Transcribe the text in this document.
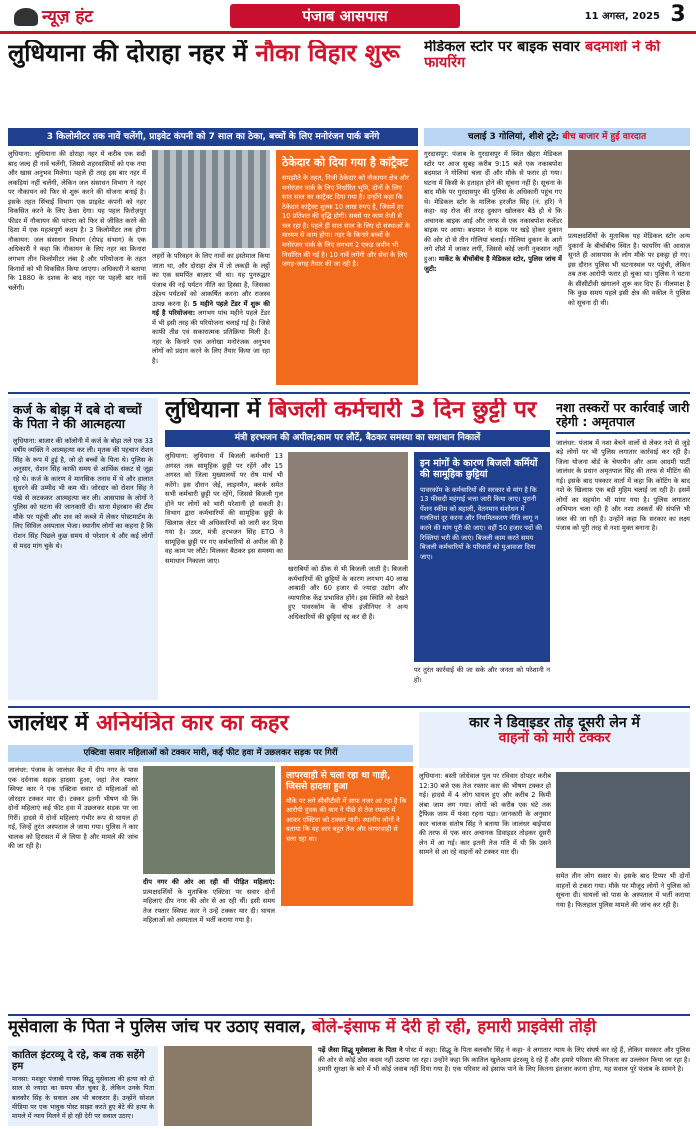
न्यूज़ हंट	पंजाब आसपास	11 अगस्त, 2025 3
लुधियाना की दोराहा नहर में नौका विहार शुरू
3 किलोमीटर तक नावें चलेंगी, प्राइवेट कंपनी को 7 साल का ठेका, बच्चों के लिए मनोरंजन पार्क बनेंगे
लुधियाना: लुधियाना की दोराहा नहर में करीब एक सदी बाद जल्द ही नावें चलेंगी, जिससे शहरवासियों को एक नया और खास अनुभव मिलेगा। पहले ही तरह इस बार नहर में लकड़ियां नहीं चलेंगी, लेकिन जल संसाधन विभाग ने नहर पर नौकायन को फिर से शुरू करने की योजना बनाई है। इसके तहत सिंचाई विभाग एक प्राइवेट कंपनी को नहर विकसित करने के लिए ठेका देगा। यह पहल फ़िरोज़पुर फीडर में नौकायन की परंपरा को फिर से जीवित करने की दिशा में एक महत्वपूर्ण कदम है। 3 किलोमीटर तक होगा नौकायन: जल संसाधन विभाग (रोपड़ संभाग) के एक अधिकारी ने कहा कि नौकायन के लिए नहर का किनारा लगभग तीन किलोमीटर लंबा है और परियोजना के तहत किनारों को भी विकसित किया जाएगा। अधिकारी ने बताया कि 1880 के दशक के बाद नहर पर पहली बार नावें चलेंगी।
लहरों के परिवहन के लिए नावों का इस्तेमाल किया जाता था, और दोराहा क्षेत्र में तो लकड़ी के लट्ठों का एक समर्पित बाज़ार भी था। यह पुनरुद्धार पंजाब की नई पर्यटन नीति का हिस्सा है, जिसका उद्देश्य पर्यटकों को आकर्षित करना और राजस्व उत्पन्न करना है। 5 महीने पहले टेंडर में शुरू की गई है परियोजना: लगभग पांच महीने पहले टेंडर में भी इसी तरह की परियोजना चलाई गई है। जिसे काफी तीव्र एवं सकारात्मक प्रतिक्रिया मिली है। नहर के किनारे एक अनोखा मनोरंजक अनुभव लोगों को प्रदान करने के लिए तैयार किया जा रहा है।
ठेकेदार को दिया गया है कांट्रैक्ट
समझौते के तहत, निजी ठेकेदार को नौकायन क्षेत्र और मनोरंजन पार्क के लिए निर्धारित भूमि, दोनों के लिए सात साल का कांट्रैक्ट दिया गया है। उन्होंने कहा कि ठेकेदार कांट्रैक्ट शुल्क 10 लाख रुपए है, जिसमें हर 10 प्रतिशत की वृद्धि होगी। सबसे पर काम तेजी से चल रहा है। पहले ही सात साल के लिए दो संस्थाओं के माध्यम से काम होगा। नहर के किनारे बच्चों के मनोरंजन पार्क के लिए लगभग 2 एकड़ जमीन भी निर्धारित की गई है। 10 नावें लगेंगी और सेवा के लिए जगह-जगह तैयार की जा रही है।
मेडिकल स्टोर पर बाइक सवार बदमाशों ने की फायरिंग
चलाई 3 गोलियां, शीशे टूटे; बीच बाजार में हुई वारदात
गुरदासपुर: पंजाब के गुरदासपुर में स्थित खैहरा मेडिकल स्टोर पर आज सुबह करीब 9:15 बजे एक नकाबपोश बदमाश ने गोलियां चला दीं और मौके से फरार हो गया। घटना में किसी के हताहत होने की सूचना नहीं है। सूचना के बाद मौके पर गुरदासपुर की पुलिस के अधिकारी पहुंच गए थे। मेडिकल स्टोर के मालिक हरजीत सिंह (नं. हरि) ने कहा- वह रोज की तरह दुकान खोलकर बैठे हो थे कि अचानक बाइक आई और तरफ से एक नकाबपोश स्प्लेंडर बाइक पर आया। बदमाश ने सड़क पर खड़े होकर दुकान की ओर दो से तीन गोलियां चलाईं। गोलियां दुकान के आगे लगे शीशे में जाकर लगीं, जिससे कोई जानी नुकसान नहीं हुआ। मार्केट के बीचोंबीच है मेडिकल स्टोर, पुलिस जांच में जुटी:
प्रत्यक्षदर्शियों के मुताबिक यह मेडिकल स्टोर अन्य दुकानों के बीचोंबीच स्थित है। फायरिंग की आवाज सुनते ही आसपास के लोग मौके पर इकट्ठा हो गए। इस दौरान पुलिस भी घटनास्थल पर पहुंची, लेकिन तब तक आरोपी फरार हो चुका था। पुलिस ने घटना के सीसीटीवी खंगालने शुरू कर दिए हैं। नीलमाक्ष है कि कुछ समय पहले इसी क्षेत्र की वकील ने पुलिस को सूचना दी थी।
कर्ज के बोझ में दबे दो बच्चों के पिता ने की आत्महत्या
लुधियाना: बाजार की कॉलोनी में कर्ज के बोझ तले एक 33 वर्षीय व्यक्ति ने आत्महत्या कर ली। मृतक की पहचान रोशन सिंह के रूप में हुई है, जो दो बच्चों के पिता थे। पुलिस के अनुसार, रोशन सिंह काफी समय से आर्थिक संकट से जूझ रहे थे। कर्ज के कारण वे मानसिक तनाव में थे और हालात सुधरने की उम्मीद भी कम थी। जोरदार को रोशन सिंह ने पंखे से लटककर आत्महत्या कर ली। आसपास के लोगों ने पुलिस को घटना की जानकारी दी। थाना मेहरबान की टीम मौके पर पहुंची और शव को कब्जे में लेकर पोस्टमार्टम के लिए सिविल अस्पताल भेजा। स्थानीय लोगों का कहना है कि रोशन सिंह पिछले कुछ समय से परेशान थे और कई लोगों से मदद मांग चुके थे।
लुधियाना में बिजली कर्मचारी 3 दिन छुट्टी पर
मंत्री हरभजन की अपील;काम पर लौटें, बैठकर समस्या का समाधान निकालें
लुधियाना: लुधियाना में बिजली कर्मचारी 13 अगस्त तक सामूहिक छुट्टी पर रहेंगे और 15 अगस्त को जिला मुख्यालयों पर रोष मार्च भी करेंगे। इस दौरान जेई, लाइनमैन, क्लर्क समेत सभी कर्मचारी छुट्टी पर रहेंगे, जिससे बिजली गुल होने पर लोगों को भारी परेशानी हो सकती है। विभाग द्वारा कर्मचारियों की सामूहिक छुट्टी के खिलाफ़ लेटर भी अधिकारियों को जारी कर दिया गया है। उधर, मंत्री हरभजन सिंह ETO ने सामूहिक छुट्टी पर गए कर्मचारियों से अपील की है वह काम पर लौटें। मिलकर बैठकर इस समस्या का समाधान निकाला जाए।
खराबियों को ठीक से भी बिजली जाती है। बिजली कर्मचारियों की छुट्टियों के कारण लगभग 40 लाख आबादी और 60 हजार से ज्यादा उद्योग और व्यापारिक केंद्र प्रभावित होंगे। इस स्थिति को देखते हुए पावरकॉम के चीफ इंजीनियर ने अन्य अधिकारियों की छुट्टियां रद्द कर दी हैं।
इन मांगों के कारण बिजली कर्मियों की सामूहिक छुट्टियां
पावरकॉम के कर्मचारियों की सरकार से मांग है कि 13 फीसदी महंगाई भत्ता जारी किया जाए। पुरानी पेंशन स्कीम को बहाली, वेतनमान संशोधन में गलतियां दूर करना और नियमितकरण नीति लागू न करने की मांग पूरी की जाए। वहीं 50 हजार पदों की रिक्तियां भरी की जाएं। बिजली काम करते समय बिजली कर्मचारियों के परिवारों को मुआवजा दिया जाए।
पर तुरंत कार्रवाई की जा सके और जनता को परेशानी न हो।
नशा तस्करों पर कार्रवाई जारी रहेगी : अमृतपाल
जालंधर: पंजाब में नशा बेचने वालों से लेकर नशे से जुड़े बड़े लोगों पर भी पुलिस लगातार कार्रवाई कर रही है। जिला योजना बोर्ड के चेयरमैन और आम आदमी पार्टी जालंधर के प्रधान अमृतपाल सिंह की तरफ से मीटिंग की गई। इसके बाद पत्रकार वार्ता में कहा कि कोटिंग के बाद नशे के खिलाफ़ एक बड़ी मुहिम चलाई जा रही है। इसमें लोगों का सहयोग भी मांगा गया है। पुलिस लगातार अभियान चला रही है और नशा तस्करों की संपत्ति भी जब्त की जा रही है। उन्होंने कहा कि सरकार का लक्ष्य पंजाब को पूरी तरह से नशा मुक्त बनाना है।
जालंधर में अनियंत्रित कार का कहर
एक्टिवा सवार महिलाओं को टक्कर मारी, कई फीट हवा में उछलकर सड़क पर गिरीं
जालंधर: पंजाब के जालंधर कैंट में दीप नगर के पास एक दर्दनाक सड़क हादसा हुआ, जहां तेज रफ्तार स्विफ्ट कार ने एक एक्टिवा सवार दो महिलाओं को जोरदार टक्कर मार दी। टक्कर इतनी भीषण थी कि दोनों महिलाएं कई फीट हवा में उछलकर सड़क पर जा गिरीं। हादसे में दोनों महिलाएं गंभीर रूप से घायल हो गईं, जिन्हें तुरंत अस्पताल ले जाया गया। पुलिस ने कार चालक को हिरासत में ले लिया है और मामले की जांच की जा रही है।
दीप नगर की ओर आ रही थीं पीड़ित महिलाएं: प्रत्यक्षदर्शियों के मुताबिक एक्टिवा पर सवार दोनों महिलाएं दीप नगर की ओर से आ रही थीं। इसी समय तेज रफ्तार स्विफ्ट कार ने उन्हें टक्कर मार दी। घायल महिलाओं को अस्पताल में भर्ती कराया गया है।
लापरवाही से चला रहा था गाड़ी, जिससे हादसा हुआ
मौके पर लगे सीसीटीवी में साफ नजर आ रहा है कि आरोपी युवक की कार ने पीछे से तेज रफ्तार में आकर एक्टिवा को टक्कर मारी। स्थानीय लोगों ने बताया कि वह कार बहुत तेज और लापरवाही से चला रहा था।
कार ने डिवाइडर तोड़ दूसरी लेन में
वाहनों को मारी टक्कर
लुधियाना: बस्ती जोधेवाल पुल पर रविवार दोपहर करीब 12:30 बजे एक तेज रफ्तार कार की भीषण टक्कर हो गई। हादसे में 4 लोग घायल हुए और करीब 2 किमी लंबा जाम लग गया। लोगों को करीब एक घंटे तक ट्रैफिक जाम में फंसा रहना पड़ा। जानकारी के अनुसार कार चालक संतोष सिंह ने बताया कि जालंधर बाईपास की तरफ से एक कार अचानक डिवाइडर तोड़कर दूसरी लेन में आ गई। कार इतनी तेज गति में थी कि उसने सामने से आ रहे वाहनों को टक्कर मार दी।
समेत तीन लोग सवार थे। इसके बाद टिप्पर भी दोनों वाहनों से टकरा गया। मौके पर मौजूद लोगों ने पुलिस को सूचना दी। घायलों को पास के अस्पताल में भर्ती कराया गया है। फिलहाल पुलिस मामले की जांच कर रही है।
मूसेवाला के पिता ने पुलिस जांच पर उठाए सवाल, बोले-इंसाफ में देरी हो रही, हमारी प्राइवेसी तोड़ी
कातिल इंटरव्यू दे रहे, कब तक सहेंगे हम
मानसा: मशहूर पंजाबी गायक सिद्धू मूसेवाला की हत्या को दो साल से ज्यादा का समय बीत चुका है, लेकिन उनके पिता बलकौर सिंह के सवाल अब भी बरकरार हैं। उन्होंने सोशल मीडिया पर एक भावुक पोस्ट साझा करते हुए बेटे की हत्या के मामले में न्याय मिलने में हो रही देरी पर सवाल उठाए।
पढ़ें जैसा सिद्धू मूसेवाला के पिता ने पोस्ट में कहा: सिद्धू के पिता बलकौर सिंह ने कहा- वे लगातार न्याय के लिए संघर्ष कर रहे हैं, लेकिन सरकार और पुलिस की ओर से कोई ठोस कदम नहीं उठाया जा रहा। उन्होंने कहा कि कातिल खुलेआम इंटरव्यू दे रहे हैं और हमारे परिवार की निजता का उल्लंघन किया जा रहा है। हमारी सुरक्षा के बारे में भी कोई जवाब नहीं दिया गया है। एक परिवार को इंसाफ पाने के लिए कितना इंतजार करना होगा, यह सवाल पूरे पंजाब के सामने है।
